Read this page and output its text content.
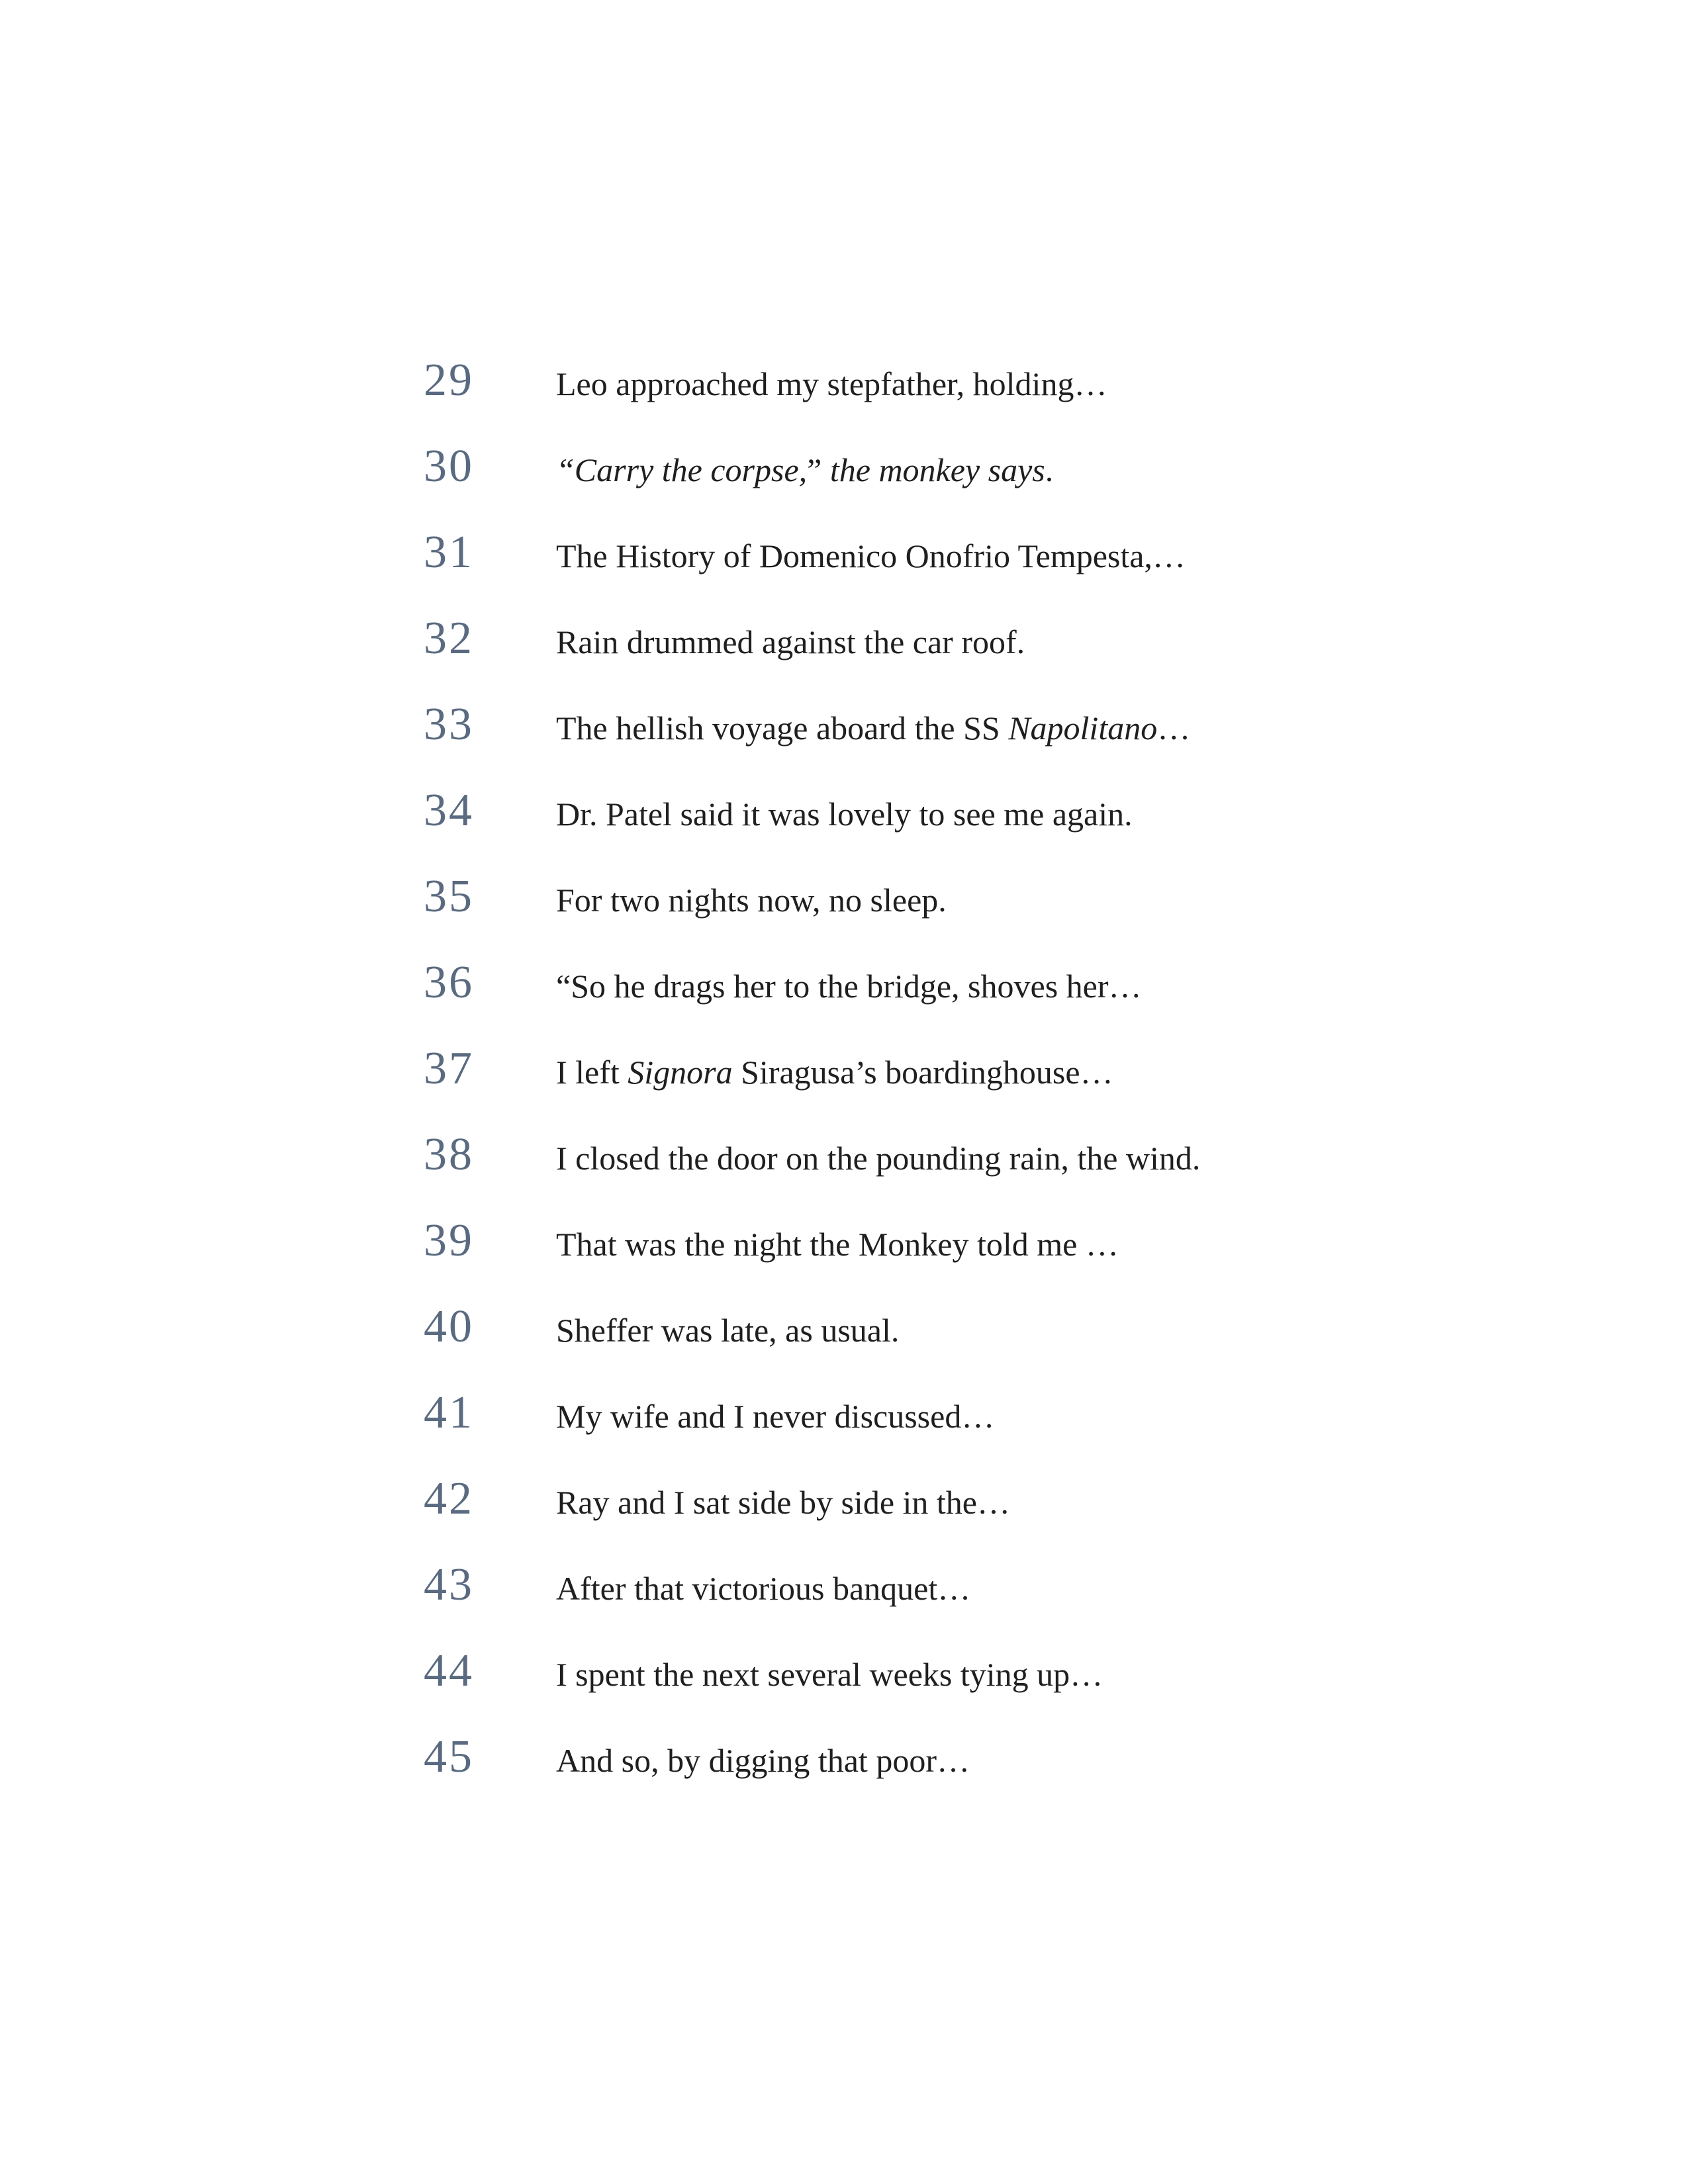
29	Leo approached my stepfather, holding…
30	“Carry the corpse,” the monkey says.
31	The History of Domenico Onofrio Tempesta,…
32	Rain drummed against the car roof.
33	The hellish voyage aboard the SS Napolitano…
34	Dr. Patel said it was lovely to see me again.
35	For two nights now, no sleep.
36	“So he drags her to the bridge, shoves her…
37	I left Signora Siragusa’s boardinghouse…
38	I closed the door on the pounding rain, the wind.
39	That was the night the Monkey told me …
40	Sheffer was late, as usual.
41	My wife and I never discussed…
42	Ray and I sat side by side in the…
43	After that victorious banquet…
44	I spent the next several weeks tying up…
45	And so, by digging that poor…
